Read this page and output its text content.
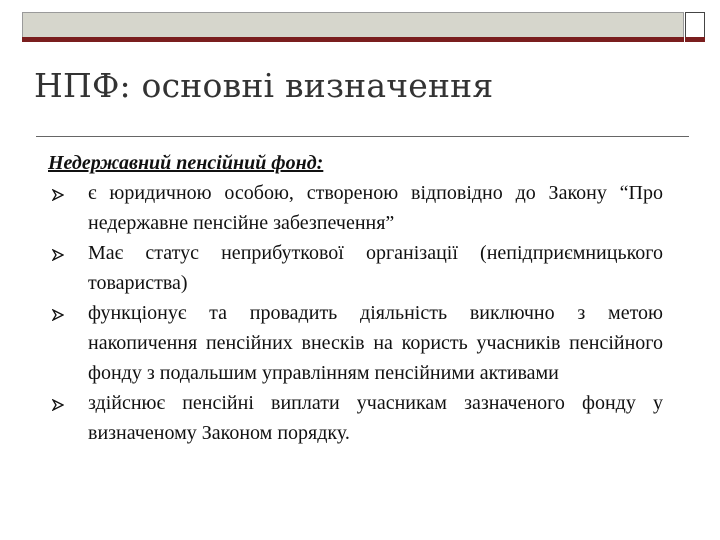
НПФ: основні визначення
Недержавний пенсійний фонд:
є юридичною особою, створеною відповідно до Закону “Про недержавне пенсійне забезпечення”
Має статус неприбуткової організації (непідприємницького товариства)
функціонує та провадить діяльність виключно з метою накопичення пенсійних внесків на користь учасників пенсійного фонду з подальшим управлінням пенсійними активами
здійснює пенсійні виплати учасникам зазначеного фонду у визначеному Законом порядку.
